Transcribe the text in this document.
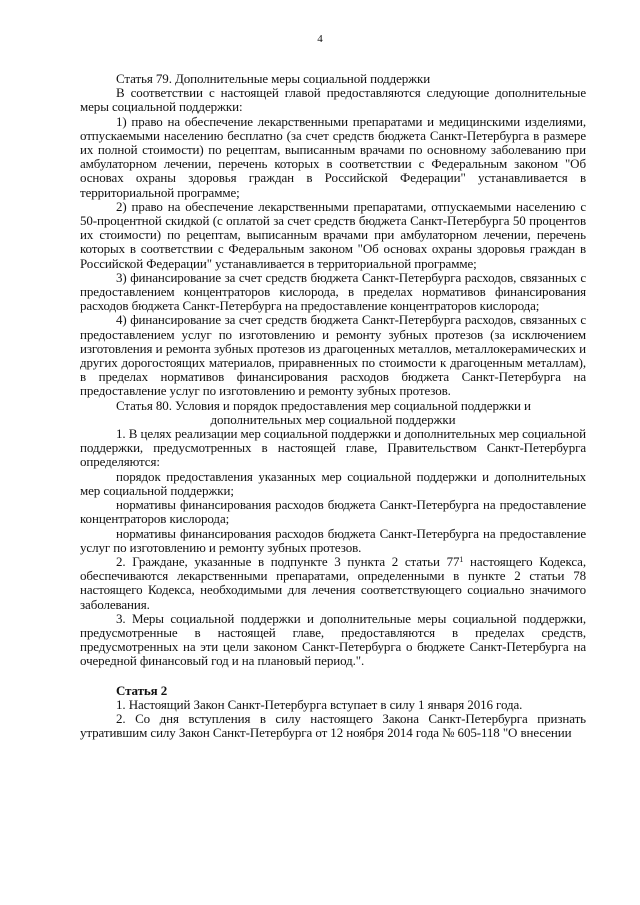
4

Статья 79. Дополнительные меры социальной поддержки

В соответствии с настоящей главой предоставляются следующие дополнительные меры социальной поддержки:

1) право на обеспечение лекарственными препаратами и медицинскими изделиями, отпускаемыми населению бесплатно (за счет средств бюджета Санкт-Петербурга в размере их полной стоимости) по рецептам, выписанным врачами по основному заболеванию при амбулаторном лечении, перечень которых в соответствии с Федеральным законом "Об основах охраны здоровья граждан в Российской Федерации" устанавливается в территориальной программе;

2) право на обеспечение лекарственными препаратами, отпускаемыми населению с 50-процентной скидкой (с оплатой за счет средств бюджета Санкт-Петербурга 50 процентов их стоимости) по рецептам, выписанным врачами при амбулаторном лечении, перечень которых в соответствии с Федеральным законом "Об основах охраны здоровья граждан в Российской Федерации" устанавливается в территориальной программе;

3) финансирование за счет средств бюджета Санкт-Петербурга расходов, связанных с предоставлением концентраторов кислорода, в пределах нормативов финансирования расходов бюджета Санкт-Петербурга на предоставление концентраторов кислорода;

4) финансирование за счет средств бюджета Санкт-Петербурга расходов, связанных с предоставлением услуг по изготовлению и ремонту зубных протезов (за исключением изготовления и ремонта зубных протезов из драгоценных металлов, металлокерамических и других дорогостоящих материалов, приравненных по стоимости к драгоценным металлам), в пределах нормативов финансирования расходов бюджета Санкт-Петербурга на предоставление услуг по изготовлению и ремонту зубных протезов.

Статья 80. Условия и порядок предоставления мер социальной поддержки и

дополнительных мер социальной поддержки

1. В целях реализации мер социальной поддержки и дополнительных мер социальной поддержки, предусмотренных в настоящей главе, Правительством Санкт-Петербурга определяются:

порядок предоставления указанных мер социальной поддержки и дополнительных мер социальной поддержки;

нормативы финансирования расходов бюджета Санкт-Петербурга на предоставление концентраторов кислорода;

нормативы финансирования расходов бюджета Санкт-Петербурга на предоставление услуг по изготовлению и ремонту зубных протезов.

2. Граждане, указанные в подпункте 3 пункта 2 статьи $77^1$ настоящего Кодекса, обеспечиваются лекарственными препаратами, определенными в пункте 2 статьи 78 настоящего Кодекса, необходимыми для лечения соответствующего социально значимого заболевания.

3. Меры социальной поддержки и дополнительные меры социальной поддержки, предусмотренные в настоящей главе, предоставляются в пределах средств, предусмотренных на эти цели законом Санкт-Петербурга о бюджете Санкт-Петербурга на очередной финансовый год и на плановый период.".

Статья 2

1. Настоящий Закон Санкт-Петербурга вступает в силу 1 января 2016 года.

2. Со дня вступления в силу настоящего Закона Санкт-Петербурга признать утратившим силу Закон Санкт-Петербурга от 12 ноября 2014 года № 605-118 "О внесении
